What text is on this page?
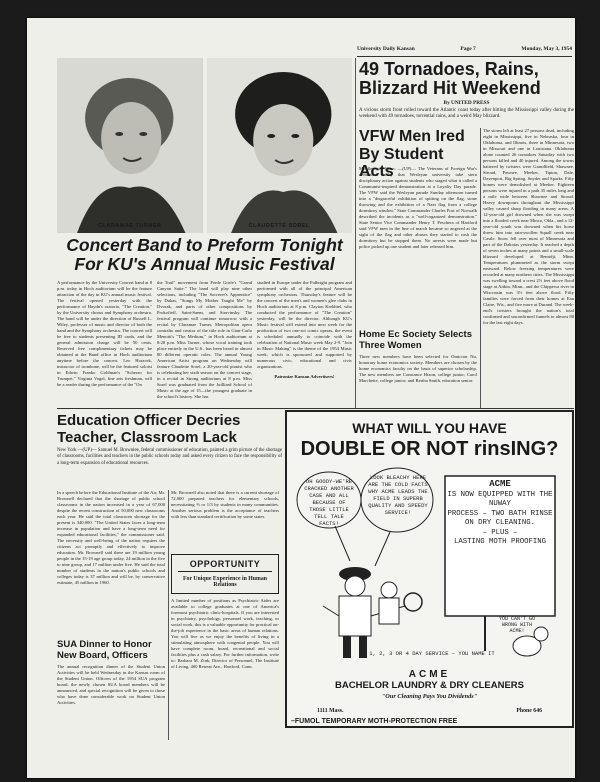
University Daily Kansan	Page 7	Monday, May 3, 1954
CLARAMAE TURNER	CLAUDETTE SOREL
Concert Band to Preform Tonight For KU's Annual Music Festival
A performance by the University Concert band at 8 p.m. today in Hoch auditorium will be the feature attraction of the day in KU's annual music festival. The festival opened yesterday with the performance of Haydn's oratorio, "The Creation," by the University chorus and Symphony orchestra. The band will be under the direction of Russell L. Wiley, professor of music and director of both the band and the Symphony orchestra. The concert will be free to students presenting ID cards, and the general admission charge will be 50 cents. Reserved free complimentary tickets may be obtained at the Band office in Hoch auditorium anytime before the concert. Leo Horacek, instructor of trombone, will be the featured soloist in Edwin Franko Goldman's "Scherzo for Trumpet." Virginia Vogel, fine arts freshman, will be a reader during the performance of the "On
the Trail" movement from Ferde Grofe's "Grand Canyon Suite." The band will play nine other selections, including "The Sorcerer's Apprentice" by Dukas, "Songs My Mother Taught Me" by Dvorak, and parts of other compositions by Prokofieff, Saint-Saens, and Stravinsky. The festival program will continue tomorrow with a recital by Claramae Turner, Metropolitan opera contralto and creator of the title role in Gian-Carlo Menotti's "The Medium," in Hoch auditorium at 8:20 p.m. Miss Turner, whose vocal training took place entirely in the U.S., has been heard in almost 80 different operatic roles. The annual Young American Artist program on Wednesday will feature Claudette Sorel, a 20-year-old pianist who is celebrating her sixth season on the concert stage, in a recital in Strong auditorium at 8 p.m. Miss Sorel was graduated from the Juilliard School of Music at the age of 15—the youngest graduate in the school's history. She has
studied in Europe under the Fulbright program and performed with all of the principal American symphony orchestras. Thursday's feature will be the concert of the men's and women's glee clubs in Hoch auditorium at 8 p.m. Clayton Krehbiel, who conducted the performance of "The Creation" yesterday, will be the director. Although KU's Music festival will extend into next week for the production of two one-act comic operas, the event is scheduled annually to coincide with the celebration of National Music week May 2-9. "Join in Music Making" is the theme of the 1954 Music week, which is sponsored and supported by numerous civic, educational and civic organizations.
Patronize Kansan Advertisers!
49 Tornadoes, Rains, Blizzard Hit Weekend
By UNITED PRESS
A vicious storm front rolled toward the Atlantic coast today after hitting the Mississippi valley during the weekend with 49 tornadoes, torrential rains, and a weird May blizzard.
The storm left at least 27 persons dead, including eight in Mississippi, five in Nebraska, four in Oklahoma, and Illinois, three in Minnesota, two in Missouri and one in Louisiana. Oklahoma alone counted 26 tornadoes Saturday with two persons killed and 40 injured. Among the towns battered by twisters were Grandfield, Shawnee, Stroud, Pawnee, Meeker, Tipton, Dale, Davenport, Big Spring, Snyder and Sparks. Fifty homes were demolished at Meeker. Eighteen persons were injured in a path 35 miles long and a mile wide between Shawnee and Stroud. Heavy downpours throughout the Mississippi valley caused sharp flooding in many areas. A 12-year-old girl drowned when she was swept into a flooded creek near Minco, Okla., and a 12-year-old youth was drowned when his horse threw him into rain-swollen Squall creek near Castle. Snow fell over most of Minnesota and part of the Dakotas yesterday. It reached a depth of seven inches at many points and a small-scale blizzard developed at Bemidji, Minn. Temperatures plummeted as the storm swept eastward. Below freezing temperatures were recorded at many northern cities. The Mississippi was swelling toward a crest 2½ feet above flood stage at Aitkin, Minn., and the Chippewa river in Wisconsin was 3½ feet above flood. Fifty families were forced from their homes at Eau Claire, Wis., and five more at Durand. The week-end's twisters brought the nation's total confirmed and unconfirmed funnels to almost 80 for the last eight days.
VFW Men Ired By Student Acts
Middletown, Conn. —(UP)— The Veterans of Foreign War's demanded today that Wesleyan university take stern disciplinary action against students who staged what it called a Communist-inspired demonstration at a Loyalty Day parade. The VFW said the Wesleyan parade Sunday afternoon turned into a "disgraceful exhibition of spitting on the flag, stone throwing and the exhibition of a Nazi flag from a college dormitory window." State Commander Charles Post of Norwalk described the incidents as a "well-organized demonstration." State Senior Vice Commander Henry T. Peschera of Hartford said VFW men in the line of march became so angered at the sight of the flag and other abuses they started to rush the dormitory but he stopped them. No arrests were made but police picked up one student and later released him.
Home Ec Society Selects Three Women
Three new members have been selected for Omicron Nu, honorary home economics society. Members are chosen by the home economics faculty on the basis of superior scholarship. The new members are Constance Hixon, college junior; Carol Marchette, college junior; and Bertha Smith, education senior.
Education Officer Decries Teacher, Classroom Lack
New York —(UP)— Samuel M. Brownlee, federal commissioner of education, painted a grim picture of the shortage of classrooms, facilities and teachers in the public schools today and asked every citizen to face the responsibility of a long-term expansion of educational resources.
In a speech before the Educational Institute of the Air, Mr. Brownell declared that the shortage of public school classrooms in the nation increased in a year of 67,000 despite the recent construction of 50,000 new classrooms each year. He said the total classroom shortage for the present is 340,000. "The United States faces a long-term increase in population and have a long-term need for expanded educational facilities," the commissioner said. The necessity and well-being of the nation requires the citizens act promptly and effectively to improve education. Mr. Brownell said there are 19 million young people in the 15-19 age group today, 24 million in the five to nine group, and 17 million under five. He said the total number of students in the nation's public schools and colleges today is 37 million and will be, by conservative estimate, 45 million in 1960.
Mr. Brownell also noted that there is a current shortage of 72,000 prepared teachers for elementary schools, necessitating ⅔ or 1/3 by students in many communities. Another serious problem is the acceptance of teachers with less than standard certification by some states.
OPPORTUNITY
For Unique Experience in Human Relations
A limited number of positions as Psychiatric Aides are available to college graduates at one of America's foremost psychiatric clinic-hospitals. If you are interested in psychiatry, psychology, personnel work, teaching, or social work, this is a valuable opportunity for practical on-the-job experience in the basic areas of human relations. You will live as we enjoy the benefits of living in a stimulating atmosphere with congenial people. You will have complete room, board, recreational and social facilities plus a cash salary. For further information, write to: Barbara M. Zink, Director of Personnel, The Institute of Living, 400 Retreat Ave., Hartford, Conn.
SUA Dinner to Honor New Board, Officers
The annual recognition dinner of the Student Union Activities will be held Wednesday in the Kansas room of the Student Union. Officers of the 1954 SUA program board, the newly chosen SUA board members will be announced, and special recognition will be given to those who have done considerable work on Student Union Activities.
WHAT WILL YOU HAVE
DOUBLE OR NOT rinsING?
OH GOODY–WE'RE CRACKED ANOTHER CASE AND ALL BECAUSE OF THOSE LITTLE TELL TALE FACTS!
LOOK BLEACHY HERE ARE THE COLD FACTS WHY ACME LEADS THE FIELD IN SUPERB QUALITY AND SPEEDY SERVICE!
ACME
IS NOW EQUIPPED WITH THE NUWAY
PROCESS – TWO BATH RINSE ON DRY CLEANING.
– PLUS –
LASTING MOTH PROOFING
YOU CAN'T GO WRONG WITH ACME!
1, 2, 3 OR 4 DAY SERVICE – YOU NAME IT
ACME
BACHELOR LAUNDRY & DRY CLEANERS
"Our Cleaning Pays You Dividends"
1111 Mass.	Phone 646
–FUMOL TEMPORARY MOTH-PROTECTION FREE
